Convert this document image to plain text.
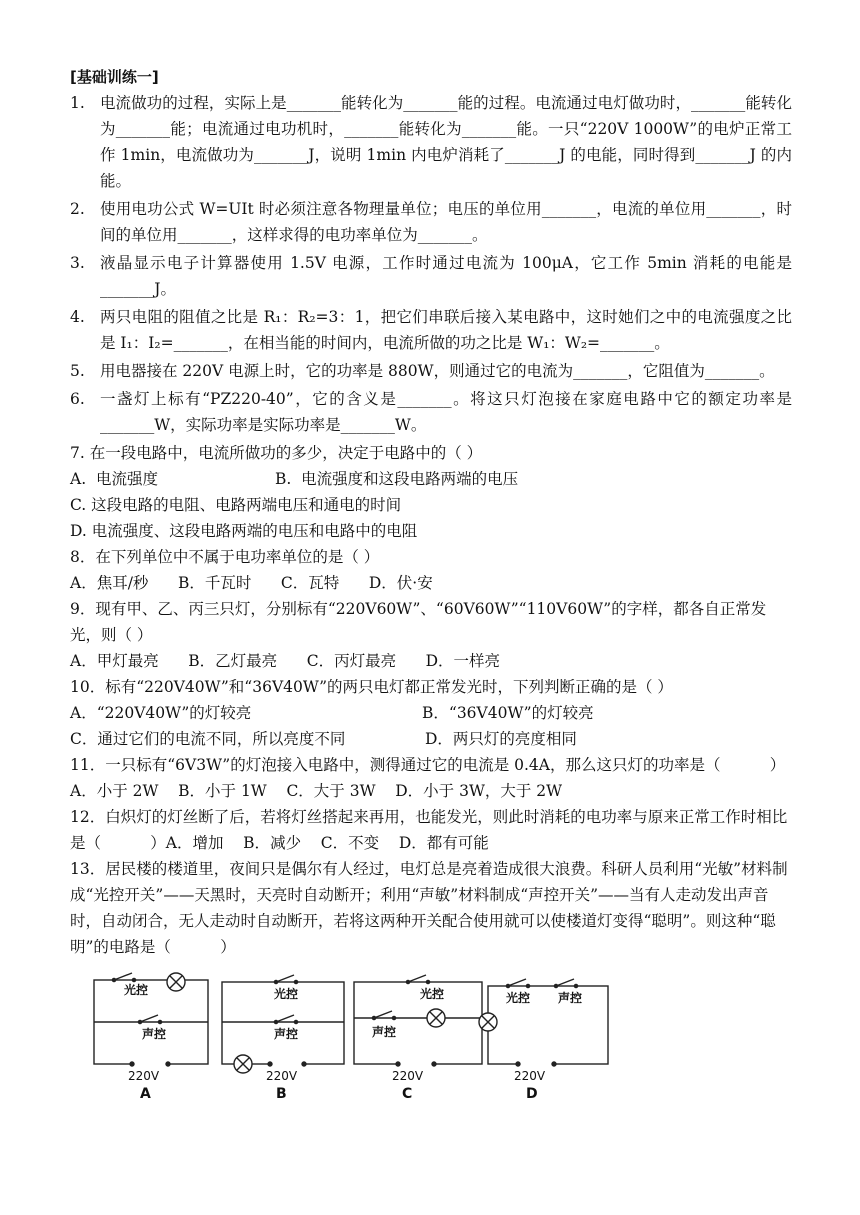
[基础训练一]
1. 电流做功的过程，实际上是_______能转化为_______能的过程。电流通过电灯做功时，_______能转化为_______能；电流通过电功机时，_______能转化为_______能。一只“220V 1000W”的电炉正常工作 1min，电流做功为_______J，说明 1min 内电炉消耗了_______J 的电能，同时得到_______J 的内能。
2. 使用电功公式 W=UIt 时必须注意各物理量单位；电压的单位用_______，电流的单位用_______，时间的单位用_______，这样求得的电功率单位为_______。
3. 液晶显示电子计算器使用 1.5V 电源，工作时通过电流为 100μA，它工作 5min 消耗的电能是_______J。
4. 两只电阻的阻值之比是 R₁：R₂=3：1，把它们串联后接入某电路中，这时她们之中的电流强度之比是 I₁：I₂=_______，在相当能的时间内，电流所做的功之比是 W₁：W₂=_______。
5. 用电器接在 220V 电源上时，它的功率是 880W，则通过它的电流为_______，它阻值为_______。
6. 一盏灯上标有“PZ220-40”，它的含义是_______。将这只灯泡接在家庭电路中它的额定功率是_______W，实际功率是实际功率是_______W。
7. 在一段电路中，电流所做功的多少，决定于电路中的（ ）
A.  电流强度	B.  电流强度和这段电路两端的电压
C. 这段电路的电阻、电路两端电压和通电的时间
D. 电流强度、这段电路两端的电压和电路中的电阻
8．在下列单位中不属于电功率单位的是（ ）
A．焦耳/秒      B．千瓦时      C．瓦特      D．伏·安
9．现有甲、乙、丙三只灯，分别标有“220V60W”、“60V60W”“110V60W”的字样，都各自正常发光，则（ ）
A．甲灯最亮      B．乙灯最亮      C．丙灯最亮      D．一样亮
10．标有“220V40W”和“36V40W”的两只电灯都正常发光时，下列判断正确的是（ ）
A．“220V40W”的灯较亮	B．“36V40W”的灯较亮
C．通过它们的电流不同，所以亮度不同	D．两只灯的亮度相同
11．一只标有“6V3W”的灯泡接入电路中，测得通过它的电流是 0.4A，那么这只灯的功率是（          ）A．小于 2W    B．小于 1W    C．大于 3W    D．小于 3W，大于 2W
12．白炽灯的灯丝断了后，若将灯丝搭起来再用，也能发光，则此时消耗的电功率与原来正常工作时相比是（          ）A．增加    B．减少    C．不变    D．都有可能
13．居民楼的楼道里，夜间只是偶尔有人经过，电灯总是亮着造成很大浪费。科研人员利用“光敏”材料制成“光控开关”——天黑时，天亮时自动断开；利用“声敏”材料制成“声控开关”——当有人走动发出声音时，自动闭合，无人走动时自动断开，若将这两种开关配合使用就可以使楼道灯变得“聪明”。则这种“聪明”的电路是（          ）
光控
声控
220V
A
光控
声控
220V
B
光控
声控
220V
C
光控 声控
220V
D
